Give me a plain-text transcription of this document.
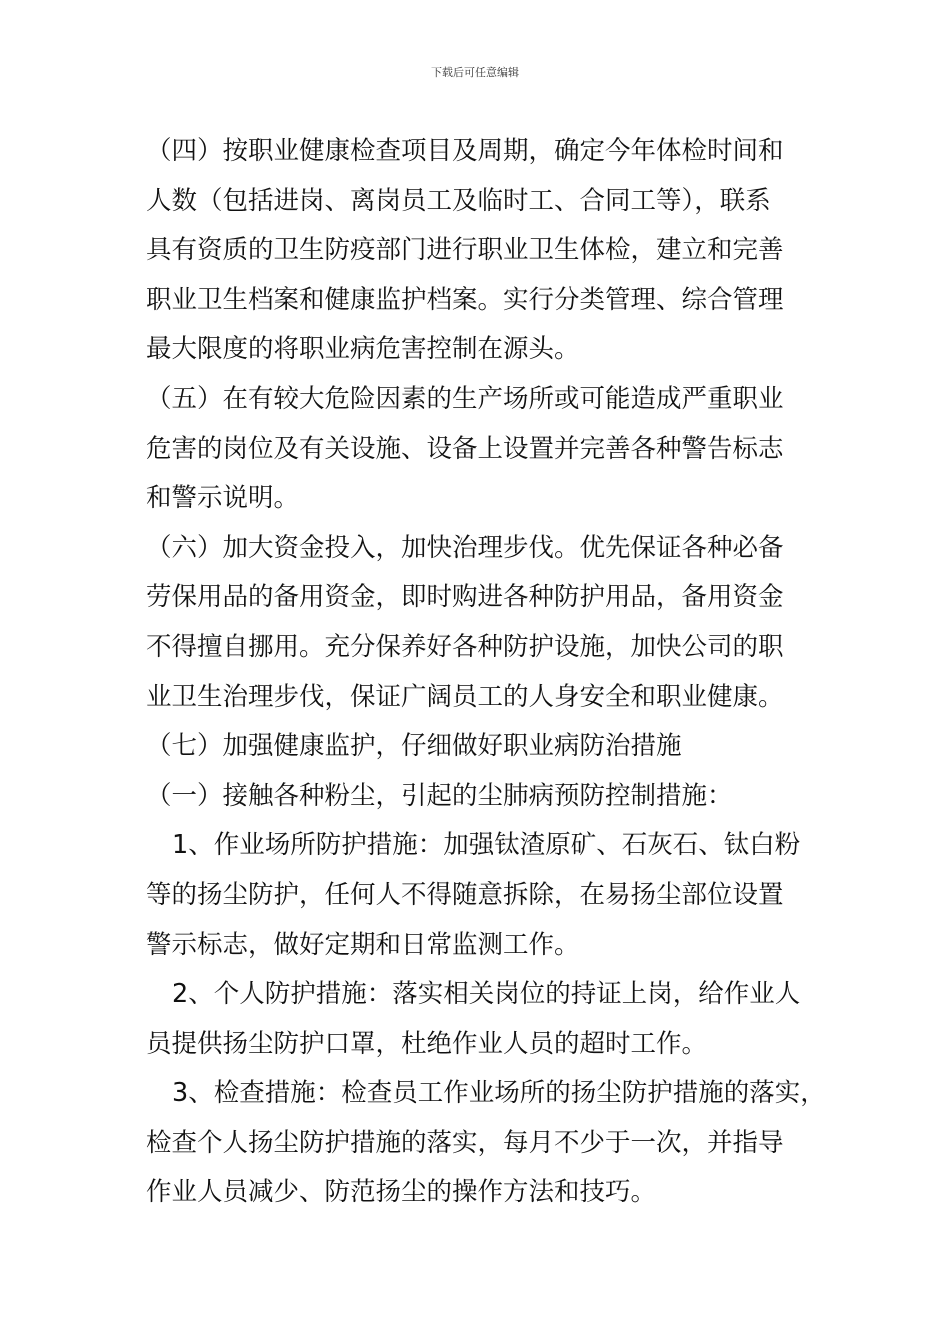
下载后可任意编辑
（四）按职业健康检查项目及周期，确定今年体检时间和
人数（包括进岗、离岗员工及临时工、合同工等），联系
具有资质的卫生防疫部门进行职业卫生体检，建立和完善
职业卫生档案和健康监护档案。实行分类管理、综合管理
最大限度的将职业病危害控制在源头。
（五）在有较大危险因素的生产场所或可能造成严重职业
危害的岗位及有关设施、设备上设置并完善各种警告标志
和警示说明。
（六）加大资金投入，加快治理步伐。优先保证各种必备
劳保用品的备用资金，即时购进各种防护用品，备用资金
不得擅自挪用。充分保养好各种防护设施，加快公司的职
业卫生治理步伐，保证广阔员工的人身安全和职业健康。
（七）加强健康监护，仔细做好职业病防治措施
（一）接触各种粉尘，引起的尘肺病预防控制措施：
1、作业场所防护措施：加强钛渣原矿、石灰石、钛白粉
等的扬尘防护，任何人不得随意拆除，在易扬尘部位设置
警示标志，做好定期和日常监测工作。
2、个人防护措施：落实相关岗位的持证上岗，给作业人
员提供扬尘防护口罩，杜绝作业人员的超时工作。
3、检查措施：检查员工作业场所的扬尘防护措施的落实，
检查个人扬尘防护措施的落实，每月不少于一次，并指导
作业人员减少、防范扬尘的操作方法和技巧。
